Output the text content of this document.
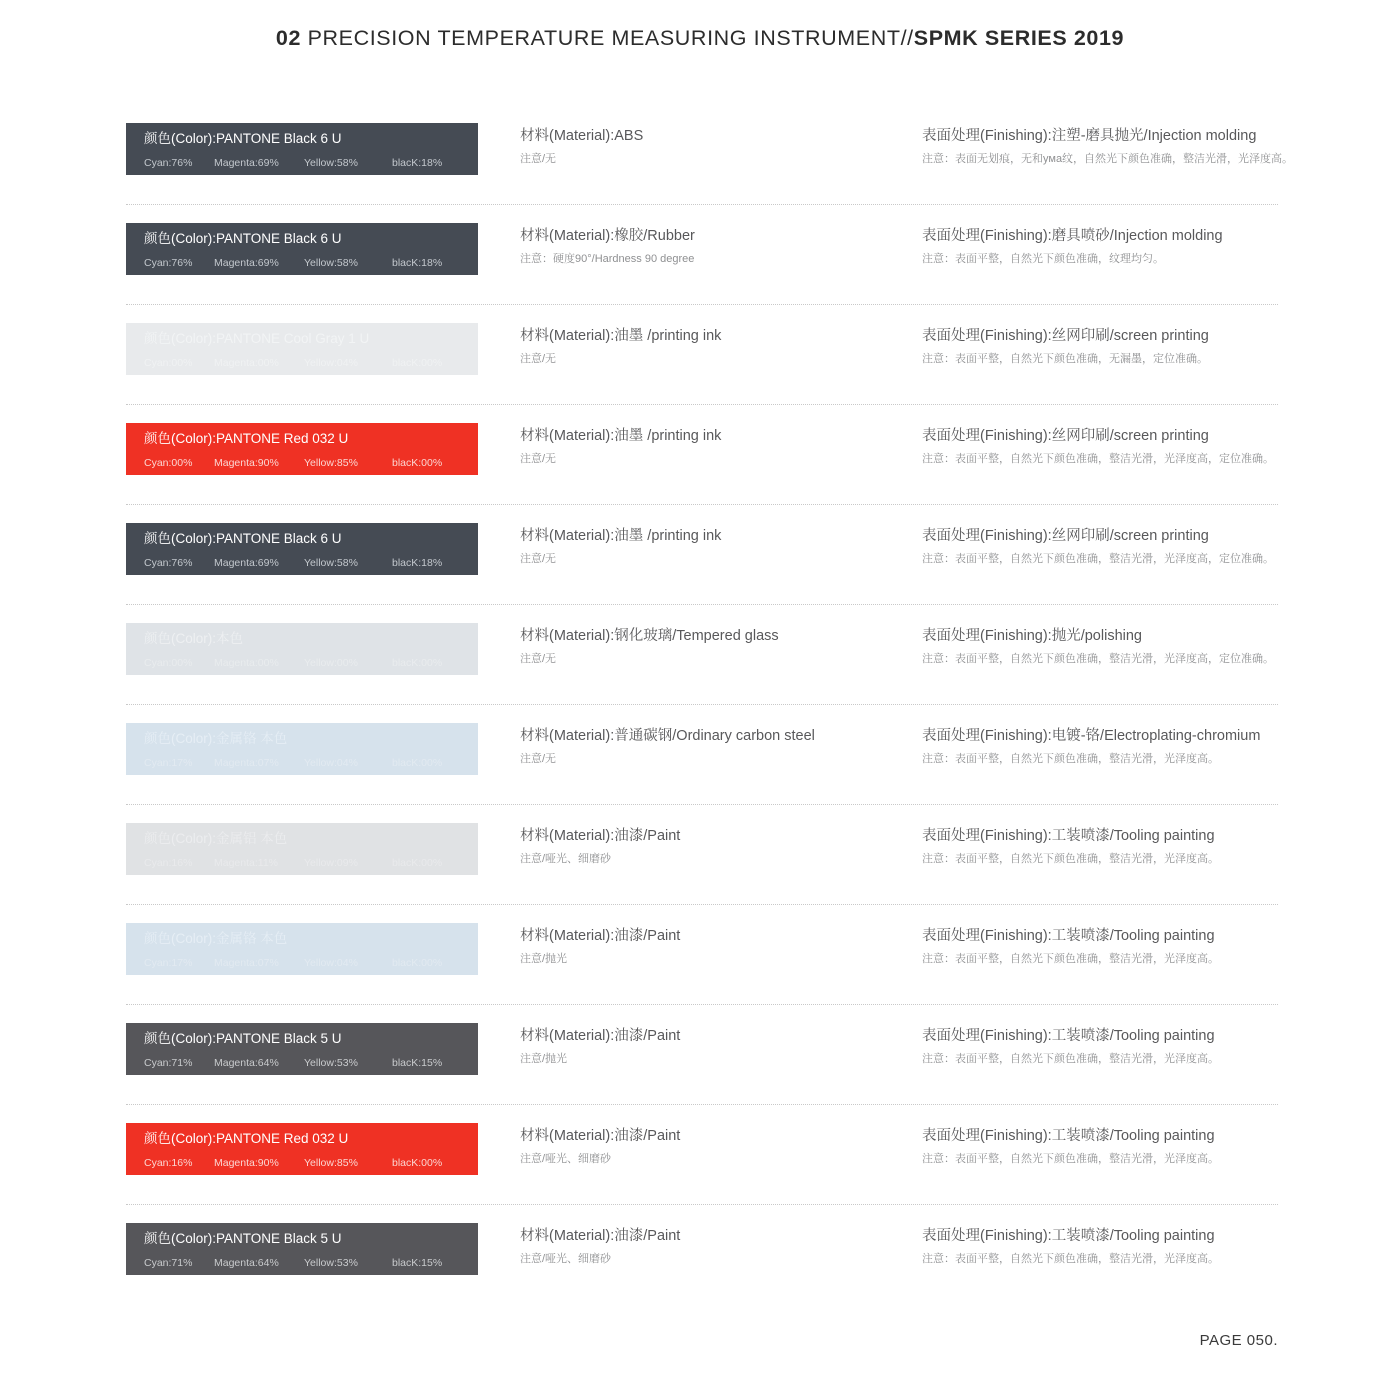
02 PRECISION TEMPERATURE MEASURING INSTRUMENT//SPMK SERIES 2019
颜色(Color):PANTONE Black 6 U
Cyan:76%	Magenta:69%	Yellow:58%	blacK:18%
材料(Material):ABS
注意/无
表面处理(Finishing):注塑-磨具抛光/Injection molding
注意：表面无划痕，无和ума纹，自然光下颜色准确，整洁光滑，光泽度高。
颜色(Color):PANTONE Black 6 U
Cyan:76%	Magenta:69%	Yellow:58%	blacK:18%
材料(Material):橡胶/Rubber
注意：硬度90°/Hardness 90 degree
表面处理(Finishing):磨具喷砂/Injection molding
注意：表面平整，自然光下颜色准确，纹理均匀。
颜色(Color):PANTONE Cool Gray 1 U
Cyan:00%	Magenta:00%	Yellow:04%	blacK:00%
材料(Material):油墨 /printing ink
注意/无
表面处理(Finishing):丝网印刷/screen printing
注意：表面平整，自然光下颜色准确，无漏墨，定位准确。
颜色(Color):PANTONE Red 032 U
Cyan:00%	Magenta:90%	Yellow:85%	blacK:00%
材料(Material):油墨 /printing ink
注意/无
表面处理(Finishing):丝网印刷/screen printing
注意：表面平整，自然光下颜色准确，整洁光滑，光泽度高，定位准确。
颜色(Color):PANTONE Black 6 U
Cyan:76%	Magenta:69%	Yellow:58%	blacK:18%
材料(Material):油墨 /printing ink
注意/无
表面处理(Finishing):丝网印刷/screen printing
注意：表面平整，自然光下颜色准确，整洁光滑，光泽度高，定位准确。
颜色(Color):本色
Cyan:00%	Magenta:00%	Yellow:00%	blacK:00%
材料(Material):钢化玻璃/Tempered glass
注意/无
表面处理(Finishing):抛光/polishing
注意：表面平整，自然光下颜色准确，整洁光滑，光泽度高，定位准确。
颜色(Color):金属铬 本色
Cyan:17%	Magenta:07%	Yellow:04%	blacK:00%
材料(Material):普通碳钢/Ordinary carbon steel
注意/无
表面处理(Finishing):电镀-铬/Electroplating-chromium
注意：表面平整，自然光下颜色准确，整洁光滑，光泽度高。
颜色(Color):金属铝 本色
Cyan:16%	Magenta:11%	Yellow:09%	blacK:00%
材料(Material):油漆/Paint
注意/哑光、细磨砂
表面处理(Finishing):工装喷漆/Tooling painting
注意：表面平整，自然光下颜色准确，整洁光滑，光泽度高。
颜色(Color):金属铬 本色
Cyan:17%	Magenta:07%	Yellow:04%	blacK:00%
材料(Material):油漆/Paint
注意/抛光
表面处理(Finishing):工装喷漆/Tooling painting
注意：表面平整，自然光下颜色准确，整洁光滑，光泽度高。
颜色(Color):PANTONE Black 5 U
Cyan:71%	Magenta:64%	Yellow:53%	blacK:15%
材料(Material):油漆/Paint
注意/抛光
表面处理(Finishing):工装喷漆/Tooling painting
注意：表面平整，自然光下颜色准确，整洁光滑，光泽度高。
颜色(Color):PANTONE Red 032 U
Cyan:16%	Magenta:90%	Yellow:85%	blacK:00%
材料(Material):油漆/Paint
注意/哑光、细磨砂
表面处理(Finishing):工装喷漆/Tooling painting
注意：表面平整，自然光下颜色准确，整洁光滑，光泽度高。
颜色(Color):PANTONE Black 5 U
Cyan:71%	Magenta:64%	Yellow:53%	blacK:15%
材料(Material):油漆/Paint
注意/哑光、细磨砂
表面处理(Finishing):工装喷漆/Tooling painting
注意：表面平整，自然光下颜色准确，整洁光滑，光泽度高。
PAGE 050.
